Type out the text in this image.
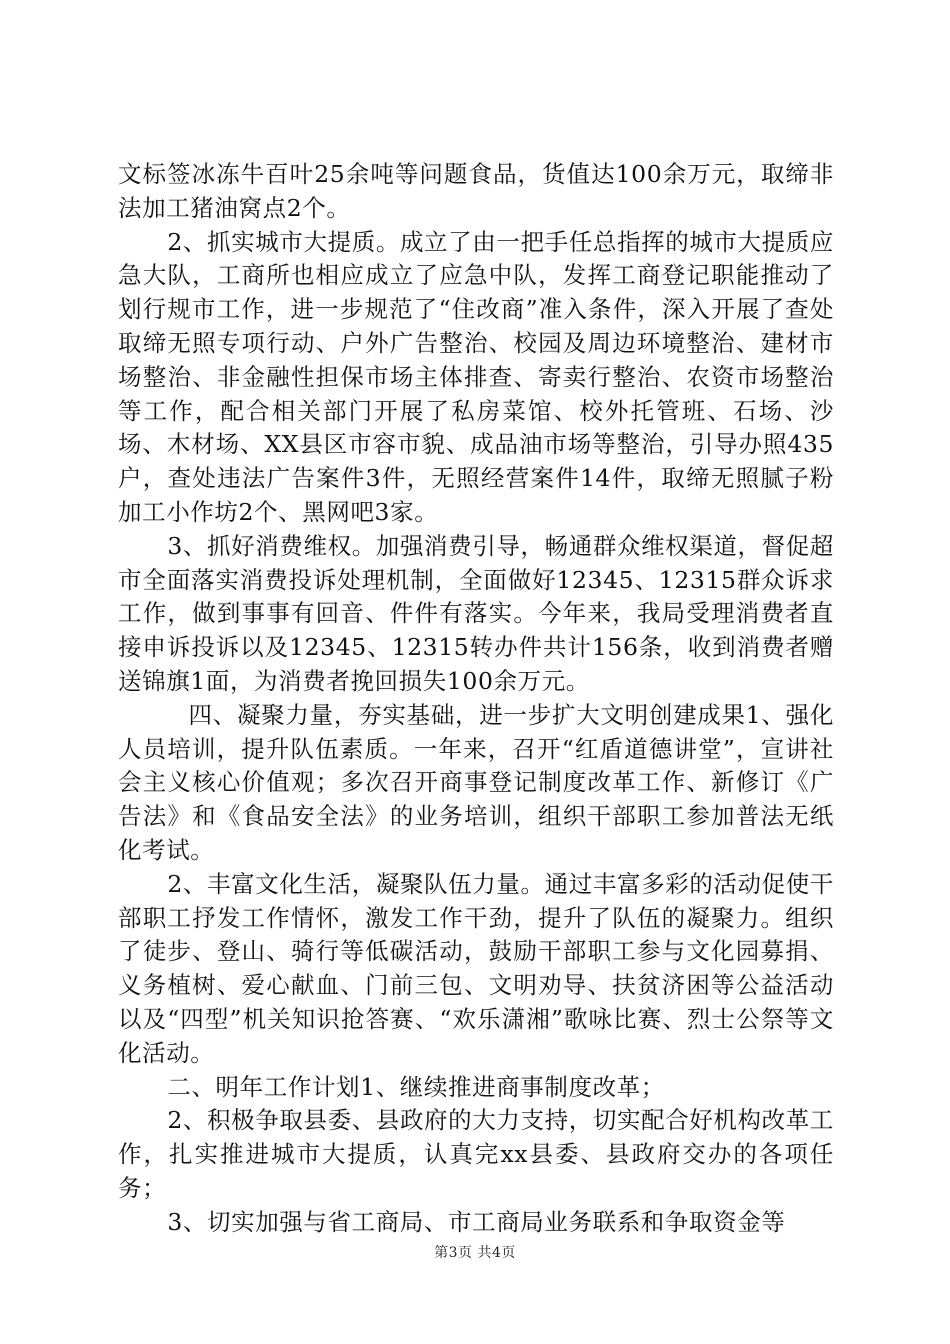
文标签冰冻牛百叶25余吨等问题食品，货值达100余万元，取缔非法加工猪油窝点2个。

2、抓实城市大提质。成立了由一把手任总指挥的城市大提质应急大队，工商所也相应成立了应急中队，发挥工商登记职能推动了划行规市工作，进一步规范了“住改商”准入条件，深入开展了查处取缔无照专项行动、户外广告整治、校园及周边环境整治、建材市场整治、非金融性担保市场主体排查、寄卖行整治、农资市场整治等工作，配合相关部门开展了私房菜馆、校外托管班、石场、沙场、木材场、XX县区市容市貌、成品油市场等整治，引导办照435户，查处违法广告案件3件，无照经营案件14件，取缔无照腻子粉加工小作坊2个、黑网吧3家。

3、抓好消费维权。加强消费引导，畅通群众维权渠道，督促超市全面落实消费投诉处理机制，全面做好12345、12315群众诉求工作，做到事事有回音、件件有落实。今年来，我局受理消费者直接申诉投诉以及12345、12315转办件共计156条，收到消费者赠送锦旗1面，为消费者挽回损失100余万元。

四、凝聚力量，夯实基础，进一步扩大文明创建成果1、强化人员培训，提升队伍素质。一年来，召开“红盾道德讲堂”，宣讲社会主义核心价值观；多次召开商事登记制度改革工作、新修订《广告法》和《食品安全法》的业务培训，组织干部职工参加普法无纸化考试。

2、丰富文化生活，凝聚队伍力量。通过丰富多彩的活动促使干部职工抒发工作情怀，激发工作干劲，提升了队伍的凝聚力。组织了徒步、登山、骑行等低碳活动，鼓励干部职工参与文化园募捐、义务植树、爱心献血、门前三包、文明劝导、扶贫济困等公益活动以及“四型”机关知识抢答赛、“欢乐潇湘”歌咏比赛、烈士公祭等文化活动。

二、明年工作计划1、继续推进商事制度改革；

2、积极争取县委、县政府的大力支持，切实配合好机构改革工作，扎实推进城市大提质，认真完xx县委、县政府交办的各项任务；

3、切实加强与省工商局、市工商局业务联系和争取资金等

第3页 共4页
